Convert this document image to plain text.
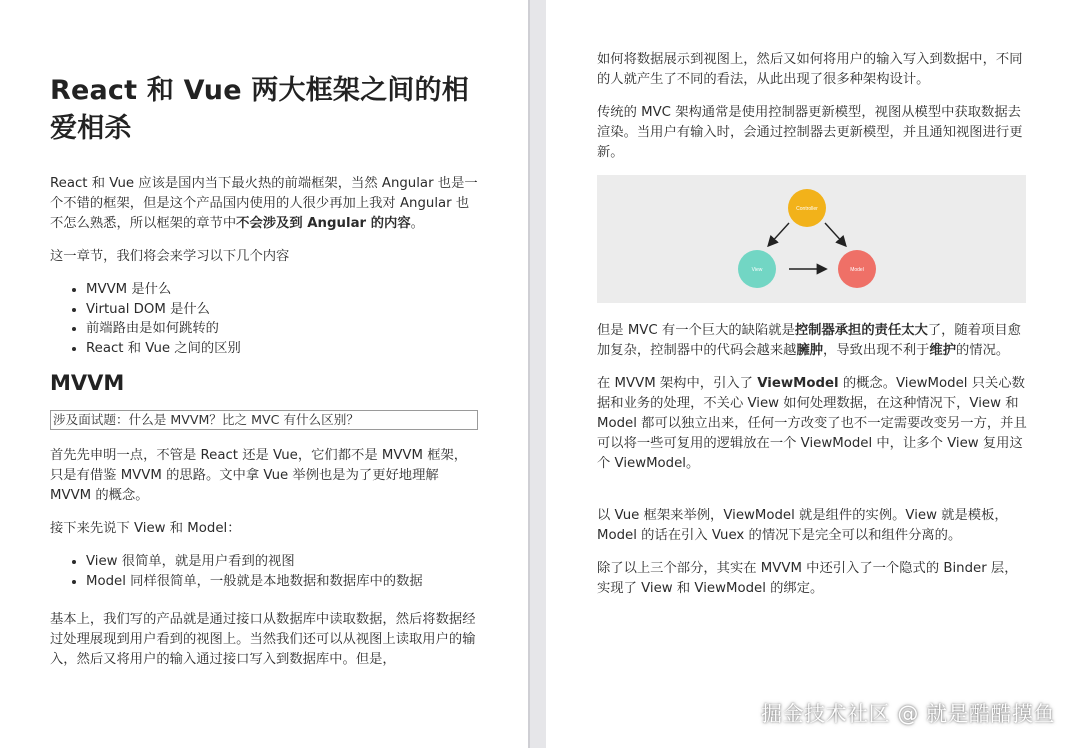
React 和 Vue 两大框架之间的相爱相杀

React 和 Vue 应该是国内当下最火热的前端框架，当然 Angular 也是一个不错的框架，但是这个产品国内使用的人很少再加上我对 Angular 也不怎么熟悉，所以框架的章节中不会涉及到 Angular 的内容。

这一章节，我们将会来学习以下几个内容

• MVVM 是什么
• Virtual DOM 是什么
• 前端路由是如何跳转的
• React 和 Vue 之间的区别
MVVM
涉及面试题：什么是 MVVM？比之 MVC 有什么区别？

首先先申明一点，不管是 React 还是 Vue，它们都不是 MVVM 框架，只是有借鉴 MVVM 的思路。文中拿 Vue 举例也是为了更好地理解 MVVM 的概念。

接下来先说下 View 和 Model：

• View 很简单，就是用户看到的视图
• Model 同样很简单，一般就是本地数据和数据库中的数据

基本上，我们写的产品就是通过接口从数据库中读取数据，然后将数据经过处理展现到用户看到的视图上。当然我们还可以从视图上读取用户的输入，然后又将用户的输入通过接口写入到数据库中。但是，

如何将数据展示到视图上，然后又如何将用户的输入写入到数据中，不同的人就产生了不同的看法，从此出现了很多种架构设计。

传统的 MVC 架构通常是使用控制器更新模型，视图从模型中获取数据去渲染。当用户有输入时，会通过控制器去更新模型，并且通知视图进行更新。

Controller
View	Model

但是 MVC 有一个巨大的缺陷就是控制器承担的责任太大了，随着项目愈加复杂，控制器中的代码会越来越臃肿，导致出现不利于维护的情况。

在 MVVM 架构中，引入了 ViewModel 的概念。ViewModel 只关心数据和业务的处理，不关心 View 如何处理数据，在这种情况下，View 和 Model 都可以独立出来，任何一方改变了也不一定需要改变另一方，并且可以将一些可复用的逻辑放在一个 ViewModel 中，让多个 View 复用这个 ViewModel。

以 Vue 框架来举例，ViewModel 就是组件的实例。View 就是模板，Model 的话在引入 Vuex 的情况下是完全可以和组件分离的。

除了以上三个部分，其实在 MVVM 中还引入了一个隐式的 Binder 层，实现了 View 和 ViewModel 的绑定。

掘金技术社区 @ 就是酷酷摸鱼
